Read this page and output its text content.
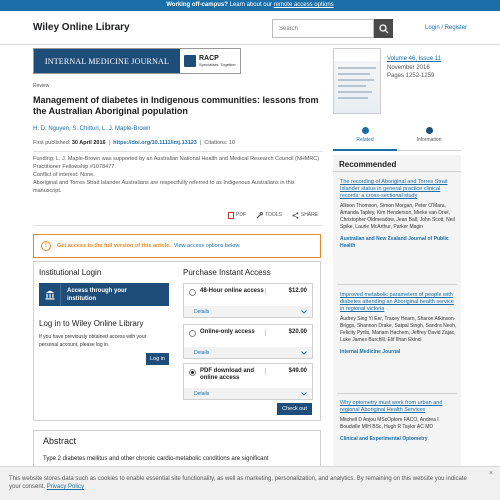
Working off-campus? Learn about our remote access options
Wiley Online Library
Search	Login / Register
INTERNAL MEDICINE JOURNAL	RACP
Specialists. Together
Volume 46, Issue 11
November 2016
Pages 1252-1259
Related	Information
Review
Management of diabetes in Indigenous communities: lessons from the Australian Aboriginal population
H. D. Nguyen, S. Chitturi, L. J. Maple-Brown
First published: 30 April 2016  |  https://doi.org/10.1111/imj.13123  |  Citations: 10
Funding: L. J. Maple-Brown was supported by an Australian National Health and Medical Research Council (NHMRC) Practitioner Fellowship #1078477.
Conflict of interest: None.
Aboriginal and Torres Strait Islander Australians are respectfully referred to as Indigenous Australians in this manuscript.
PDF	TOOLS	SHARE
!	Get access to the full version of this article. View access options below.
Institutional Login
Access through your institution
Log in to Wiley Online Library
If you have previously obtained access with your personal account, please log in.
Log in
Purchase Instant Access
48-Hour online access	$12.00
Details
Online-only access	$20.00
Details
PDF download and online access
$49.00
Details
Check out
Abstract
Type 2 diabetes mellitus and other chronic cardio-metabolic conditions are significant
Recommended
The recording of Aboriginal and Torres Strait Islander status in general practice clinical records: a cross-sectional study
Allison Thomson, Simon Morgan, Peter O'Mara, Amanda Tapley, Kim Henderson, Mieke van Driel, Christopher Oldmeadow, Jean Ball, John Scott, Neil Spike, Laurie McArthur, Parker Magin
Australian and New Zealand Journal of Public Health
Improved metabolic parameters of people with diabetes attending an Aboriginal health service in regional victoria
Audrey Sing Yi Eer, Tracey Hearn, Sharon Atkinson-Briggs, Shannon Drake, Satpal Singh, Sandra Neoh, Felicity Pyrlis, Mariam Hachem, Jeffrey David Zajac, Luke James Burchill, Elif Ilhan Ekinci
Internal Medicine Journal
Why optometry must work from urban and regional Aboriginal Health Services
Mitchell D Anjou MScOptom FACO, Andrea I Boudville MIH BSc, Hugh R Taylor AC MD
Clinical and Experimental Optometry

This website stores data such as cookies to enable essential site functionality, as well as marketing, personalization, and analytics. By remaining on this website you indicate your consent. Privacy Policy

×
